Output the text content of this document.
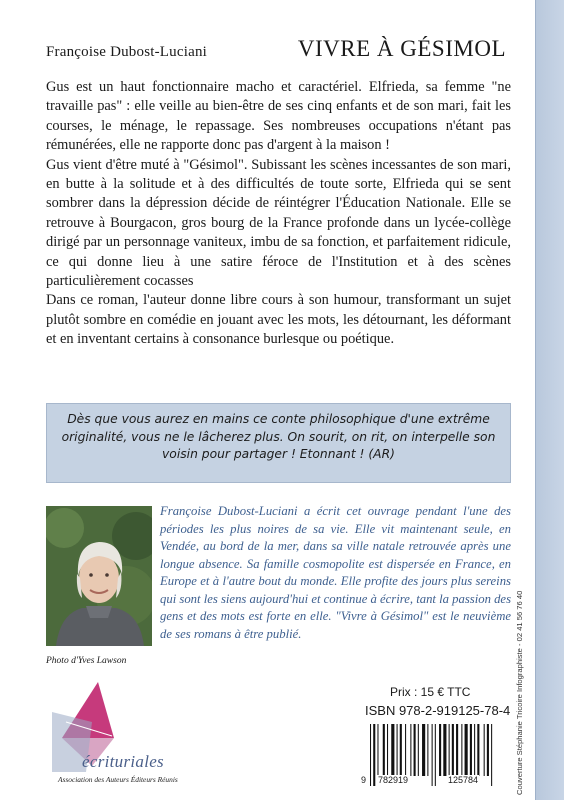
Françoise Dubost-Luciani	VIVRE À GÉSIMOL

Gus est un haut fonctionnaire macho et caractériel. Elfrieda, sa femme "ne travaille pas" : elle veille au bien-être de ses cinq enfants et de son mari, fait les courses, le ménage, le repassage. Ses nombreuses occupations n'étant pas rémunérées, elle ne rapporte donc pas d'argent à la maison !

Gus vient d'être muté à "Gésimol". Subissant les scènes incessantes de son mari, en butte à la solitude et à des difficultés de toute sorte, Elfrieda qui se sent sombrer dans la dépression décide de réintégrer l'Éducation Nationale. Elle se retrouve à Bourgacon, gros bourg de la France profonde dans un lycée-collège dirigé par un personnage vaniteux, imbu de sa fonction, et parfaitement ridicule, ce qui donne lieu à une satire féroce de l'Institution et à des scènes particulièrement cocasses

Dans ce roman, l'auteur donne libre cours à son humour, transformant un sujet plutôt sombre en comédie en jouant avec les mots, les détournant, les déformant et en inventant certains à consonance burlesque ou poétique.

Dès que vous aurez en mains ce conte philosophique d'une extrême originalité, vous ne le lâcherez plus. On sourit, on rit, on interpelle son voisin pour partager ! Etonnant ! (AR)
Photo d'Yves Lawson

Françoise Dubost-Luciani a écrit cet ouvrage pendant l'une des périodes les plus noires de sa vie. Elle vit maintenant seule, en Vendée, au bord de la mer, dans sa ville natale retrouvée après une longue absence. Sa famille cosmopolite est dispersée en France, en Europe et à l'autre bout du monde. Elle profite des jours plus sereins qui sont les siens aujourd'hui et continue à écrire, tant la passion des gens et des mots est forte en elle. "Vivre à Gésimol" est le neuvième de ses romans à être publié.

écrituriales
Association des Auteurs Éditeurs Réunis
Prix : 15 € TTC
ISBN 978-2-919125-78-4
9 782919	125784	Couverture Stéphanie Tricoire Infographiste - 02 41 56 76 40
